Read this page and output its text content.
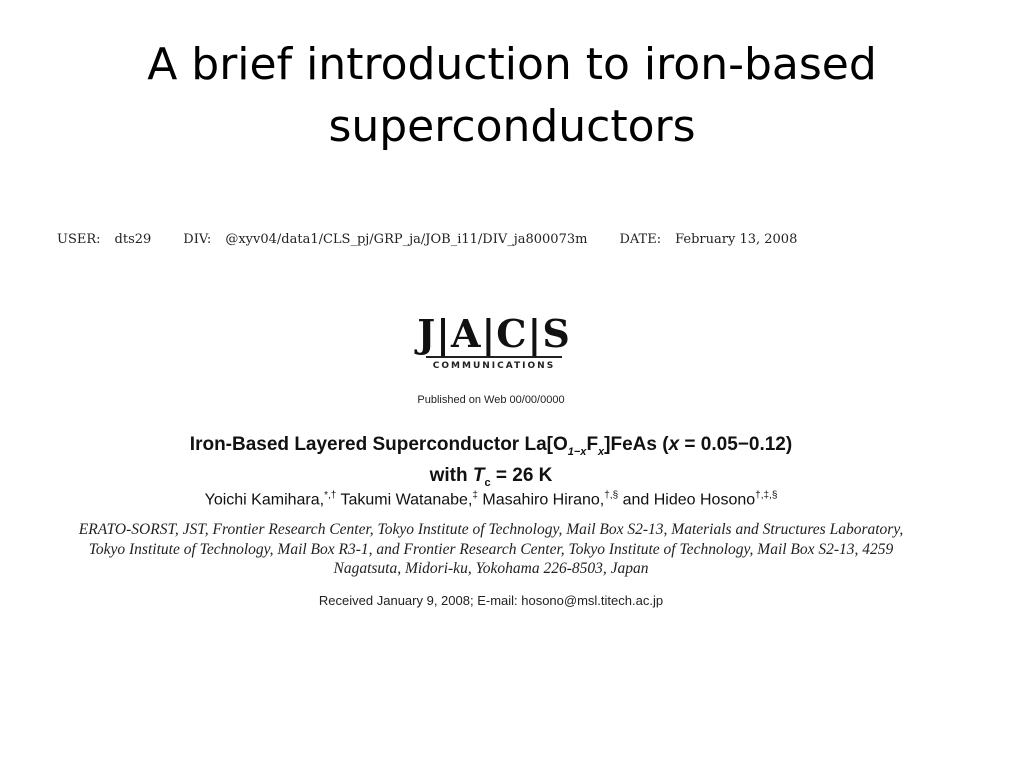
A brief introduction to iron-based
superconductors
USER: dts29 DIV: @xyv04/data1/CLS_pj/GRP_ja/JOB_i11/DIV_ja800073m DATE: February 13, 2008
J|A|C|S
COMMUNICATIONS
Published on Web 00/00/0000
Iron-Based Layered Superconductor $La[O_{1-x}F_x]FeAs$ (x = 0.05−0.12)
with $T_c = 26$ K
Yoichi Kamihara,*,† Takumi Watanabe,‡ Masahiro Hirano,†,§ and Hideo Hosono†,‡,§
ERATO-SORST, JST, Frontier Research Center, Tokyo Institute of Technology, Mail Box S2-13, Materials and Structures Laboratory, Tokyo Institute of Technology, Mail Box R3-1, and Frontier Research Center, Tokyo Institute of Technology, Mail Box S2-13, 4259 Nagatsuta, Midori-ku, Yokohama 226-8503, Japan
Received January 9, 2008; E-mail: hosono@msl.titech.ac.jp
